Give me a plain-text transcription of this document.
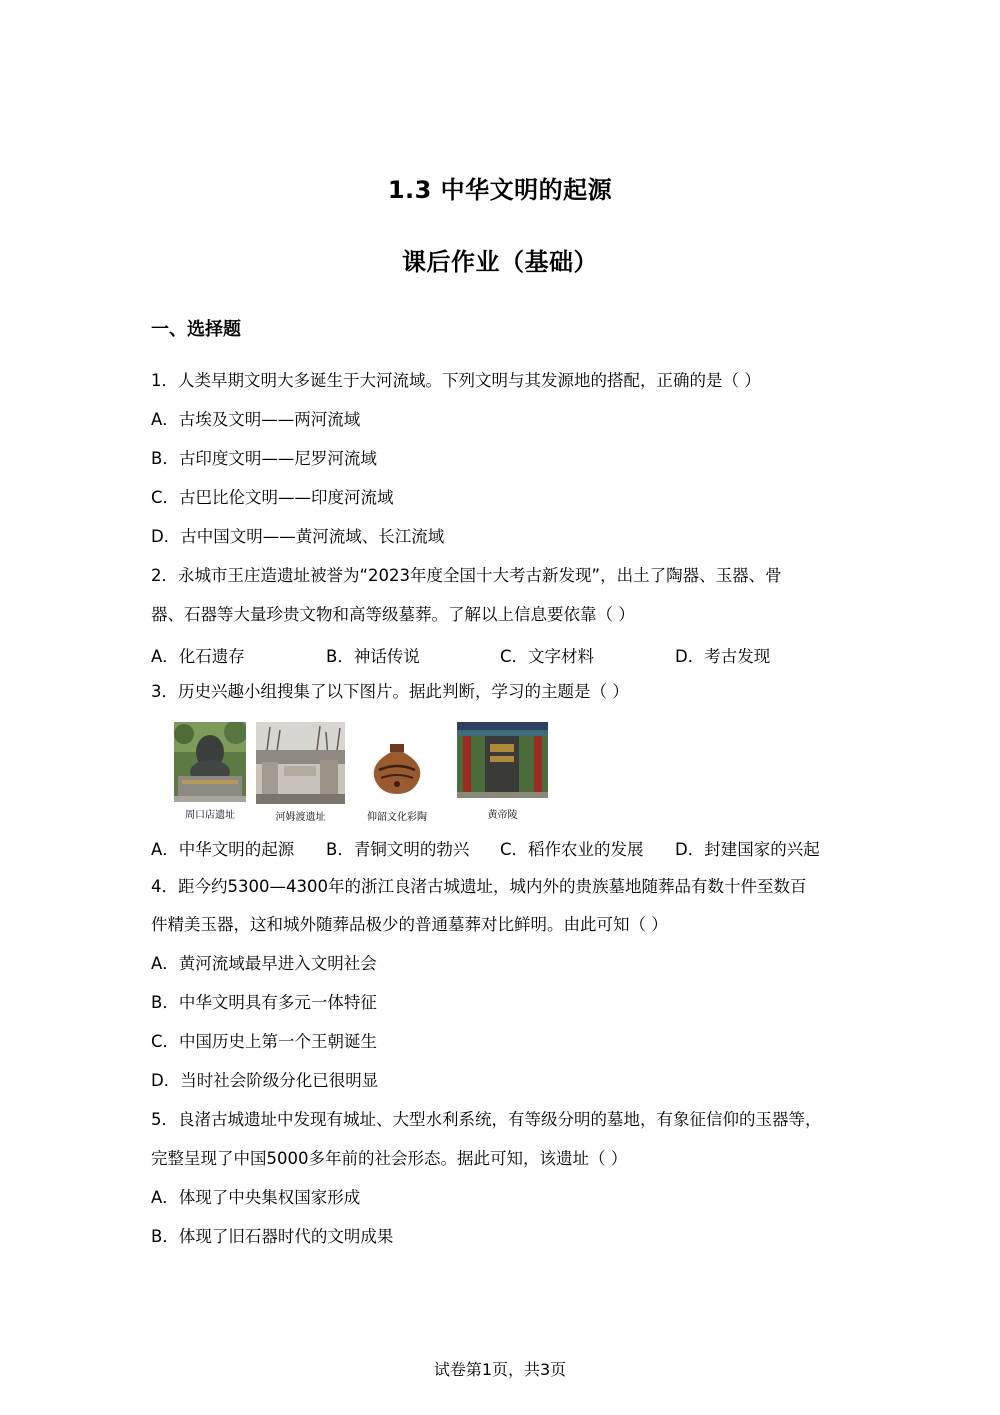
1.3 中华文明的起源
课后作业（基础）
一、选择题
1．人类早期文明大多诞生于大河流域。下列文明与其发源地的搭配，正确的是（ ）
A．古埃及文明——两河流域
B．古印度文明——尼罗河流域
C．古巴比伦文明——印度河流域
D．古中国文明——黄河流域、长江流域
2．永城市王庄造遗址被誉为“2023年度全国十大考古新发现”，出土了陶器、玉器、骨
器、石器等大量珍贵文物和高等级墓葬。了解以上信息要依靠（ ）
A．化石遗存	B．神话传说	C．文字材料	D．考古发现
3．历史兴趣小组搜集了以下图片。据此判断，学习的主题是（ ）
周口店遗址	河姆渡遗址	仰韶文化彩陶	黄帝陵
A．中华文明的起源 B．青铜文明的勃兴 C．稻作农业的发展 D．封建国家的兴起
4．距今约5300—4300年的浙江良渚古城遗址，城内外的贵族墓地随葬品有数十件至数百
件精美玉器，这和城外随葬品极少的普通墓葬对比鲜明。由此可知（ ）
A．黄河流域最早进入文明社会
B．中华文明具有多元一体特征
C．中国历史上第一个王朝诞生
D．当时社会阶级分化已很明显
5．良渚古城遗址中发现有城址、大型水利系统，有等级分明的墓地，有象征信仰的玉器等，
完整呈现了中国5000多年前的社会形态。据此可知，该遗址（ ）
A．体现了中央集权国家形成
B．体现了旧石器时代的文明成果
试卷第1页，共3页
